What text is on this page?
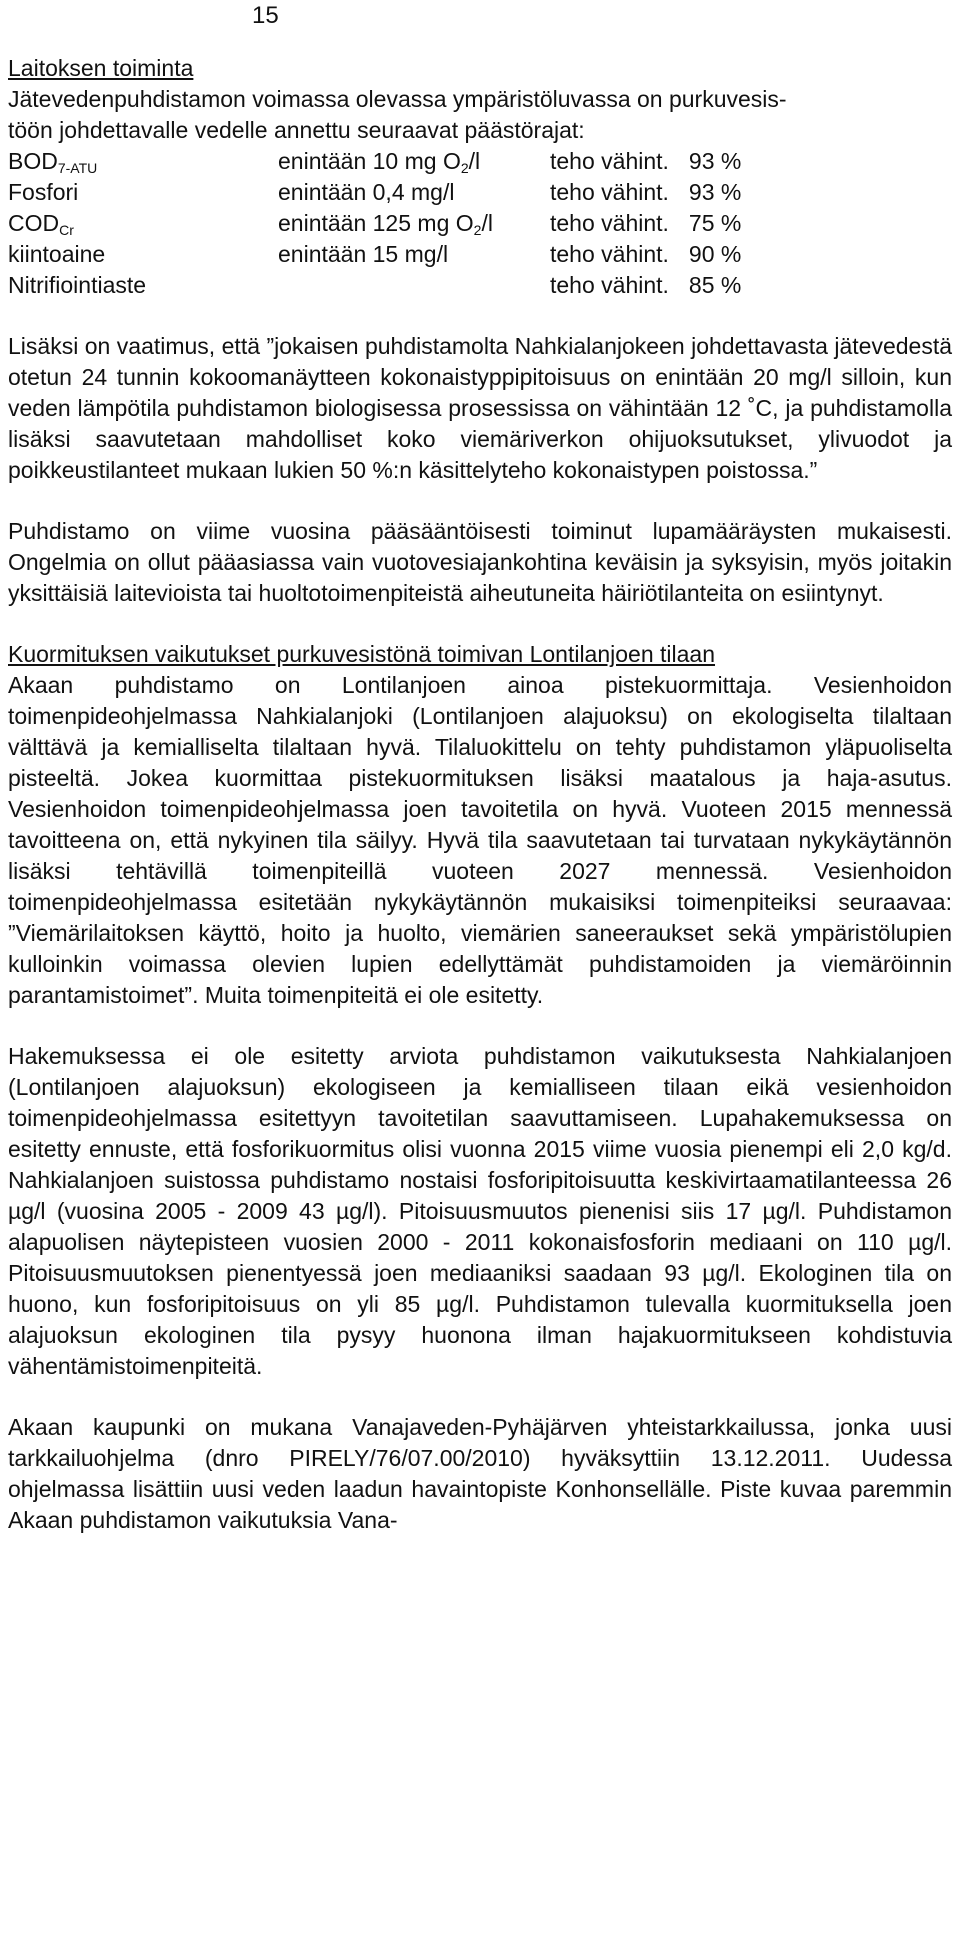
15
Laitoksen toiminta
Jätevedenpuhdistamon voimassa olevassa ympäristöluvassa on purkuvesis-
töön johdettavalle vedelle annettu seuraavat päästörajat:
$BOD_{7-ATU}$	enintään 10 mg $O_2/l$	teho vähint.	93 %
Fosfori	enintään 0,4 mg/l	teho vähint.	93 %
$COD_{Cr}$	enintään 125 mg $O_2/l$	teho vähint.	75 %
kiintoaine	enintään 15 mg/l	teho vähint.	90 %
Nitrifiointiaste		teho vähint.	85 %

Lisäksi on vaatimus, että ”jokaisen puhdistamolta Nahkialanjokeen johdettavasta jätevedestä otetun 24 tunnin kokoomanäytteen kokonaistyppipitoisuus on enintään 20 mg/l silloin, kun veden lämpötila puhdistamon biologisessa prosessissa on vähintään 12 ˚C, ja puhdistamolla lisäksi saavutetaan mahdolliset koko viemäriverkon ohijuoksutukset, ylivuodot ja poikkeustilanteet mukaan lukien 50 %:n käsittelyteho kokonaistypen poistossa.”

Puhdistamo on viime vuosina pääsääntöisesti toiminut lupamääräysten mukaisesti. Ongelmia on ollut pääasiassa vain vuotovesiajankohtina keväisin ja syksyisin, myös joitakin yksittäisiä laitevioista tai huoltotoimenpiteistä aiheutuneita häiriötilanteita on esiintynyt.

Kuormituksen vaikutukset purkuvesistönä toimivan Lontilanjoen tilaan

Akaan puhdistamo on Lontilanjoen ainoa pistekuormittaja. Vesienhoidon toimenpideohjelmassa Nahkialanjoki (Lontilanjoen alajuoksu) on ekologiselta tilaltaan välttävä ja kemialliselta tilaltaan hyvä. Tilaluokittelu on tehty puhdistamon yläpuoliselta pisteeltä. Jokea kuormittaa pistekuormituksen lisäksi maatalous ja haja-asutus. Vesienhoidon toimenpideohjelmassa joen tavoitetila on hyvä. Vuoteen 2015 mennessä tavoitteena on, että nykyinen tila säilyy. Hyvä tila saavutetaan tai turvataan nykykäytännön lisäksi tehtävillä toimenpiteillä vuoteen 2027 mennessä. Vesienhoidon toimenpideohjelmassa esitetään nykykäytännön mukaisiksi toimenpiteiksi seuraavaa: ”Viemärilaitoksen käyttö, hoito ja huolto, viemärien saneeraukset sekä ympäristölupien kulloinkin voimassa olevien lupien edellyttämät puhdistamoiden ja viemäröinnin parantamistoimet”. Muita toimenpiteitä ei ole esitetty.

Hakemuksessa ei ole esitetty arviota puhdistamon vaikutuksesta Nahkialanjoen (Lontilanjoen alajuoksun) ekologiseen ja kemialliseen tilaan eikä vesienhoidon toimenpideohjelmassa esitettyyn tavoitetilan saavuttamiseen. Lupahakemuksessa on esitetty ennuste, että fosforikuormitus olisi vuonna 2015 viime vuosia pienempi eli 2,0 kg/d. Nahkialanjoen suistossa puhdistamo nostaisi fosforipitoisuutta keskivirtaamatilanteessa 26 µg/l (vuosina 2005 - 2009 43 µg/l). Pitoisuusmuutos pienenisi siis 17 µg/l. Puhdistamon alapuolisen näytepisteen vuosien 2000 - 2011 kokonaisfosforin mediaani on 110 µg/l. Pitoisuusmuutoksen pienentyessä joen mediaaniksi saadaan 93 µg/l. Ekologinen tila on huono, kun fosforipitoisuus on yli 85 µg/l. Puhdistamon tulevalla kuormituksella joen alajuoksun ekologinen tila pysyy huonona ilman hajakuormitukseen kohdistuvia vähentämistoimenpiteitä.

Akaan kaupunki on mukana Vanajaveden-Pyhäjärven yhteistarkkailussa, jonka uusi tarkkailuohjelma (dnro PIRELY/76/07.00/2010) hyväksyttiin 13.12.2011. Uudessa ohjelmassa lisättiin uusi veden laadun havaintopiste Konhonsellälle. Piste kuvaa paremmin Akaan puhdistamon vaikutuksia Vana-
